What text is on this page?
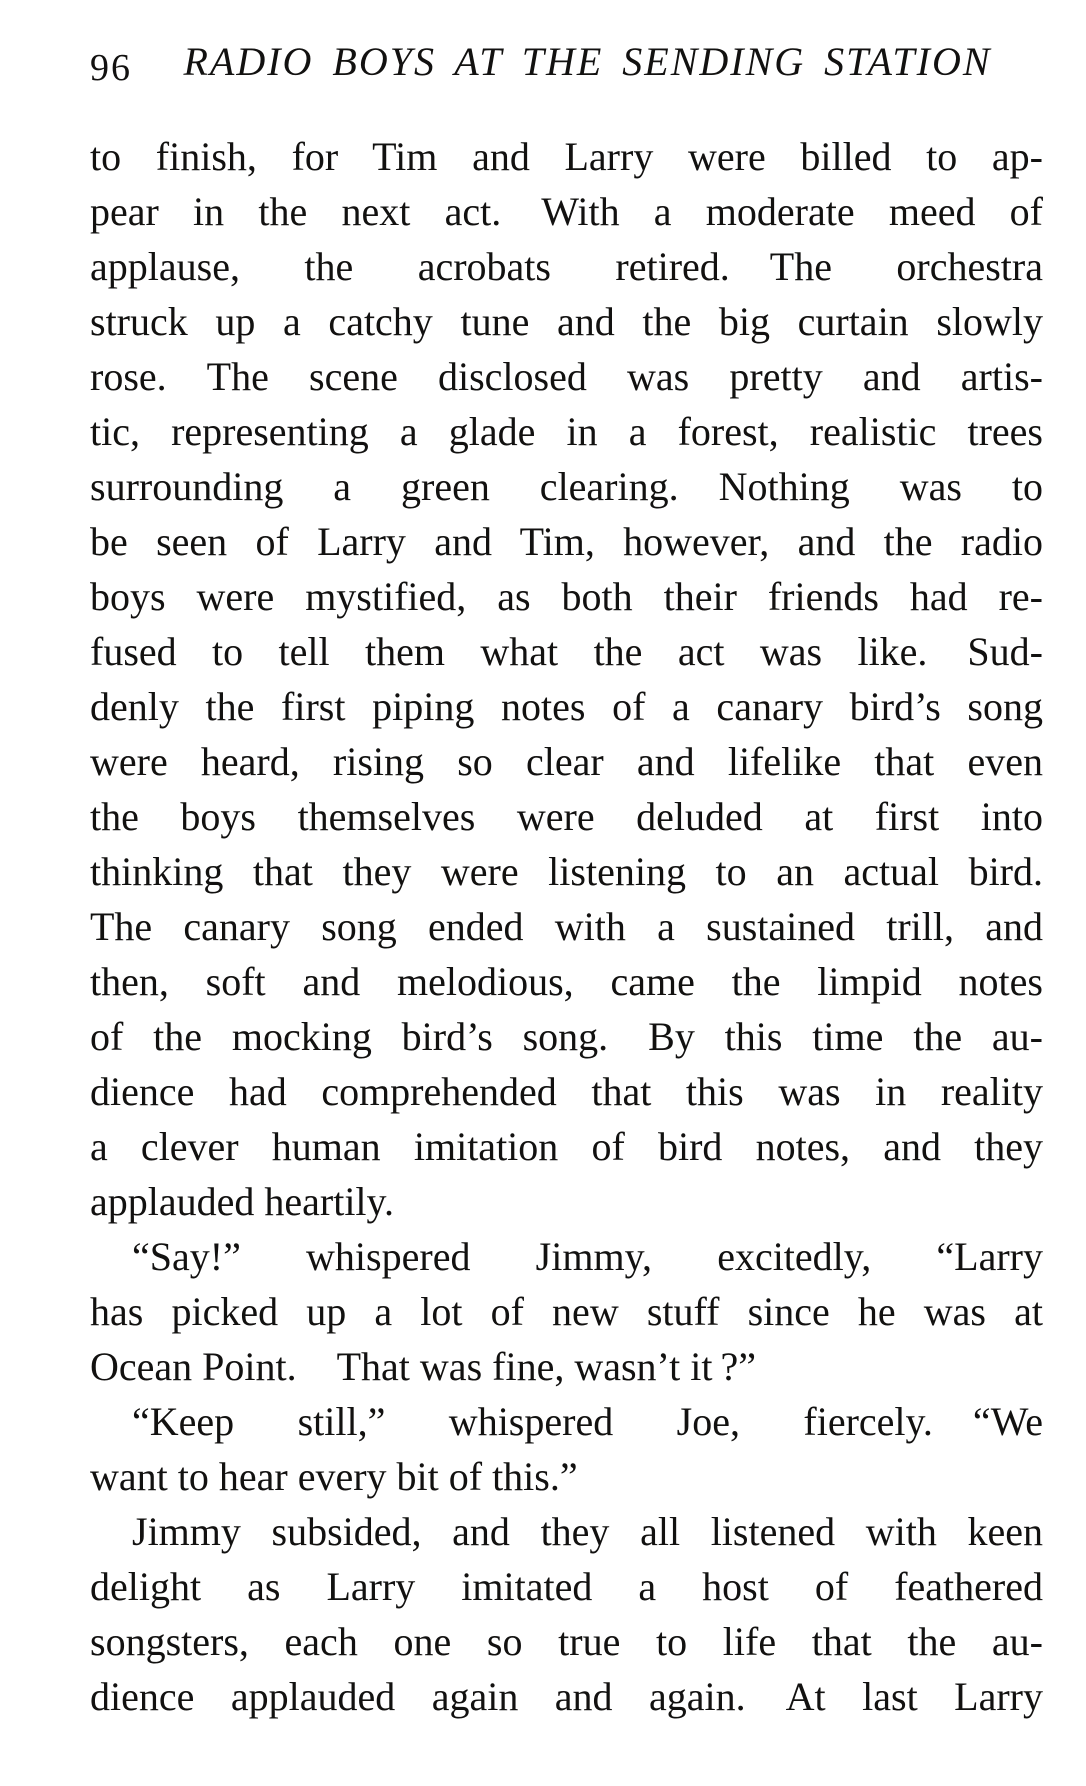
96	RADIO BOYS AT THE SENDING STATION
to finish, for Tim and Larry were billed to ap-
pear in the next act. With a moderate meed of
applause, the acrobats retired. The orchestra
struck up a catchy tune and the big curtain slowly
rose. The scene disclosed was pretty and artis-
tic, representing a glade in a forest, realistic trees
surrounding a green clearing. Nothing was to
be seen of Larry and Tim, however, and the radio
boys were mystified, as both their friends had re-
fused to tell them what the act was like. Sud-
denly the first piping notes of a canary bird’s song
were heard, rising so clear and lifelike that even
the boys themselves were deluded at first into
thinking that they were listening to an actual bird.
The canary song ended with a sustained trill, and
then, soft and melodious, came the limpid notes
of the mocking bird’s song. By this time the au-
dience had comprehended that this was in reality
a clever human imitation of bird notes, and they
applauded heartily.
“Say!” whispered Jimmy, excitedly, “Larry
has picked up a lot of new stuff since he was at
Ocean Point. That was fine, wasn’t it ?”
“Keep still,” whispered Joe, fiercely. “We
want to hear every bit of this.”
Jimmy subsided, and they all listened with keen
delight as Larry imitated a host of feathered
songsters, each one so true to life that the au-
dience applauded again and again. At last Larry
